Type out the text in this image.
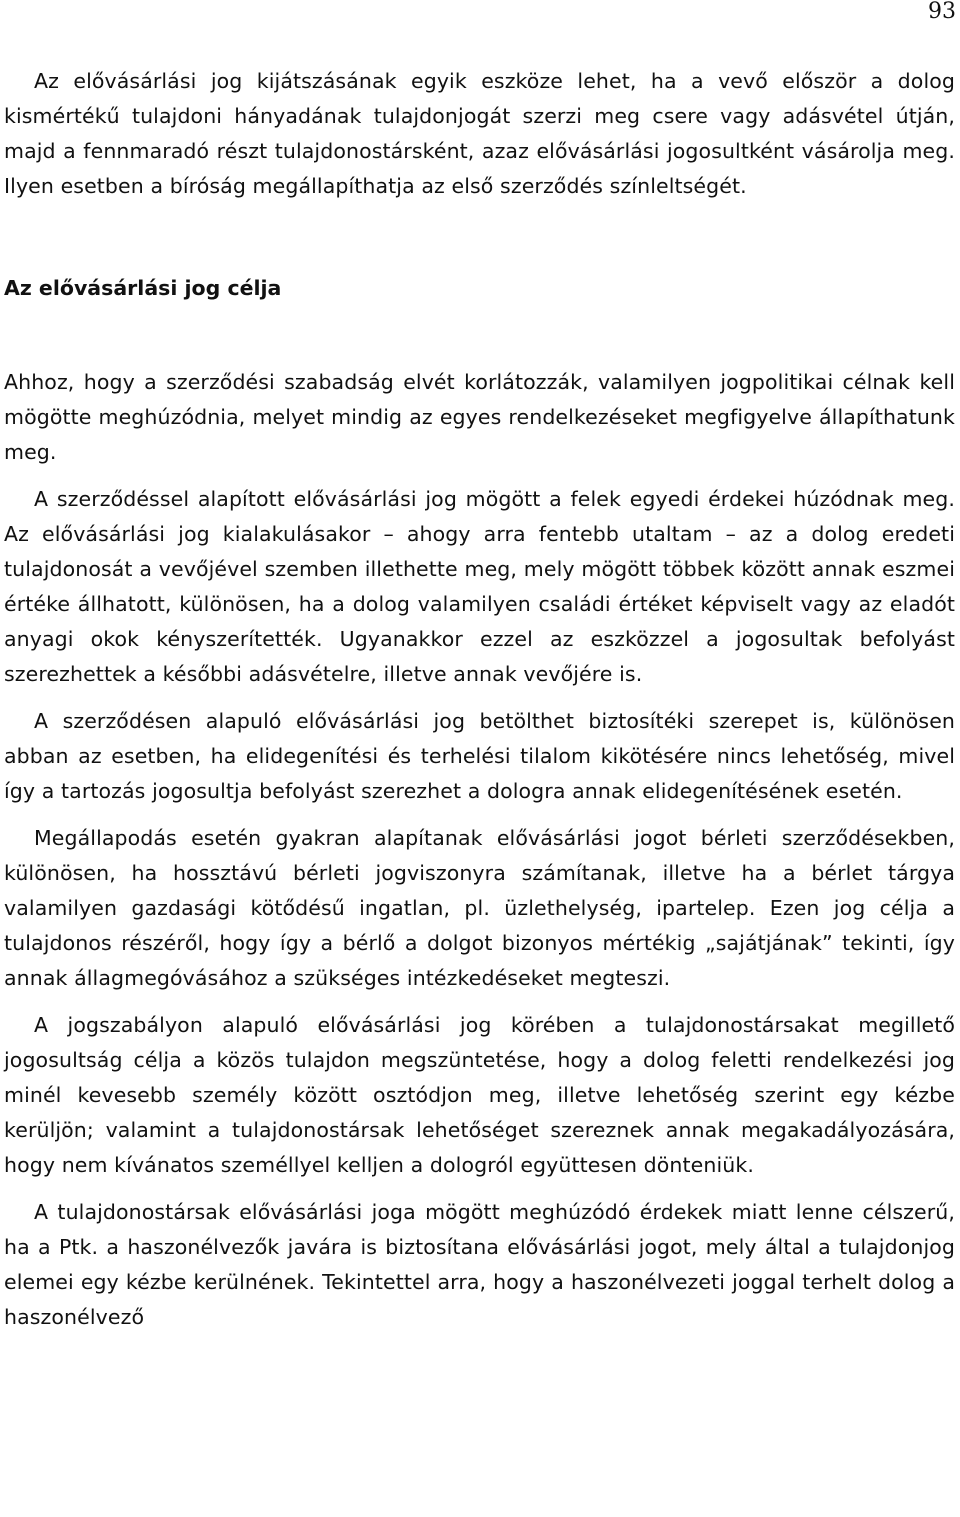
93

Az elővásárlási jog kijátszásának egyik eszköze lehet, ha a vevő először a dolog kismértékű tulajdoni hányadának tulajdonjogát szerzi meg csere vagy adásvétel útján, majd a fennmaradó részt tulajdonostársként, azaz elővásárlási jogosultként vásárolja meg. Ilyen esetben a bíróság megállapíthatja az első szerződés színleltségét.

Az elővásárlási jog célja

Ahhoz, hogy a szerződési szabadság elvét korlátozzák, valamilyen jogpolitikai célnak kell mögötte meghúzódnia, melyet mindig az egyes rendelkezéseket megfigyelve állapíthatunk meg.

A szerződéssel alapított elővásárlási jog mögött a felek egyedi érdekei húzódnak meg. Az elővásárlási jog kialakulásakor – ahogy arra fentebb utaltam – az a dolog eredeti tulajdonosát a vevőjével szemben illethette meg, mely mögött többek között annak eszmei értéke állhatott, különösen, ha a dolog valamilyen családi értéket képviselt vagy az eladót anyagi okok kényszerítették. Ugyanakkor ezzel az eszközzel a jogosultak befolyást szerezhettek a későbbi adásvételre, illetve annak vevőjére is.

A szerződésen alapuló elővásárlási jog betölthet biztosítéki szerepet is, különösen abban az esetben, ha elidegenítési és terhelési tilalom kikötésére nincs lehetőség, mivel így a tartozás jogosultja befolyást szerezhet a dologra annak elidegenítésének esetén.

Megállapodás esetén gyakran alapítanak elővásárlási jogot bérleti szerződésekben, különösen, ha hossztávú bérleti jogviszonyra számítanak, illetve ha a bérlet tárgya valamilyen gazdasági kötődésű ingatlan, pl. üzlethelység, ipartelep. Ezen jog célja a tulajdonos részéről, hogy így a bérlő a dolgot bizonyos mértékig „sajátjának” tekinti, így annak állagmegóvásához a szükséges intézkedéseket megteszi.

A jogszabályon alapuló elővásárlási jog körében a tulajdonostársakat megillető jogosultság célja a közös tulajdon megszüntetése, hogy a dolog feletti rendelkezési jog minél kevesebb személy között osztódjon meg, illetve lehetőség szerint egy kézbe kerüljön; valamint a tulajdonostársak lehetőséget szereznek annak megakadályozására, hogy nem kívánatos személlyel kelljen a dologról együttesen dönteniük.

A tulajdonostársak elővásárlási joga mögött meghúzódó érdekek miatt lenne célszerű, ha a Ptk. a haszonélvezők javára is biztosítana elővásárlási jogot, mely által a tulajdonjog elemei egy kézbe kerülnének. Tekintettel arra, hogy a haszonélvezeti joggal terhelt dolog a haszonélvező
